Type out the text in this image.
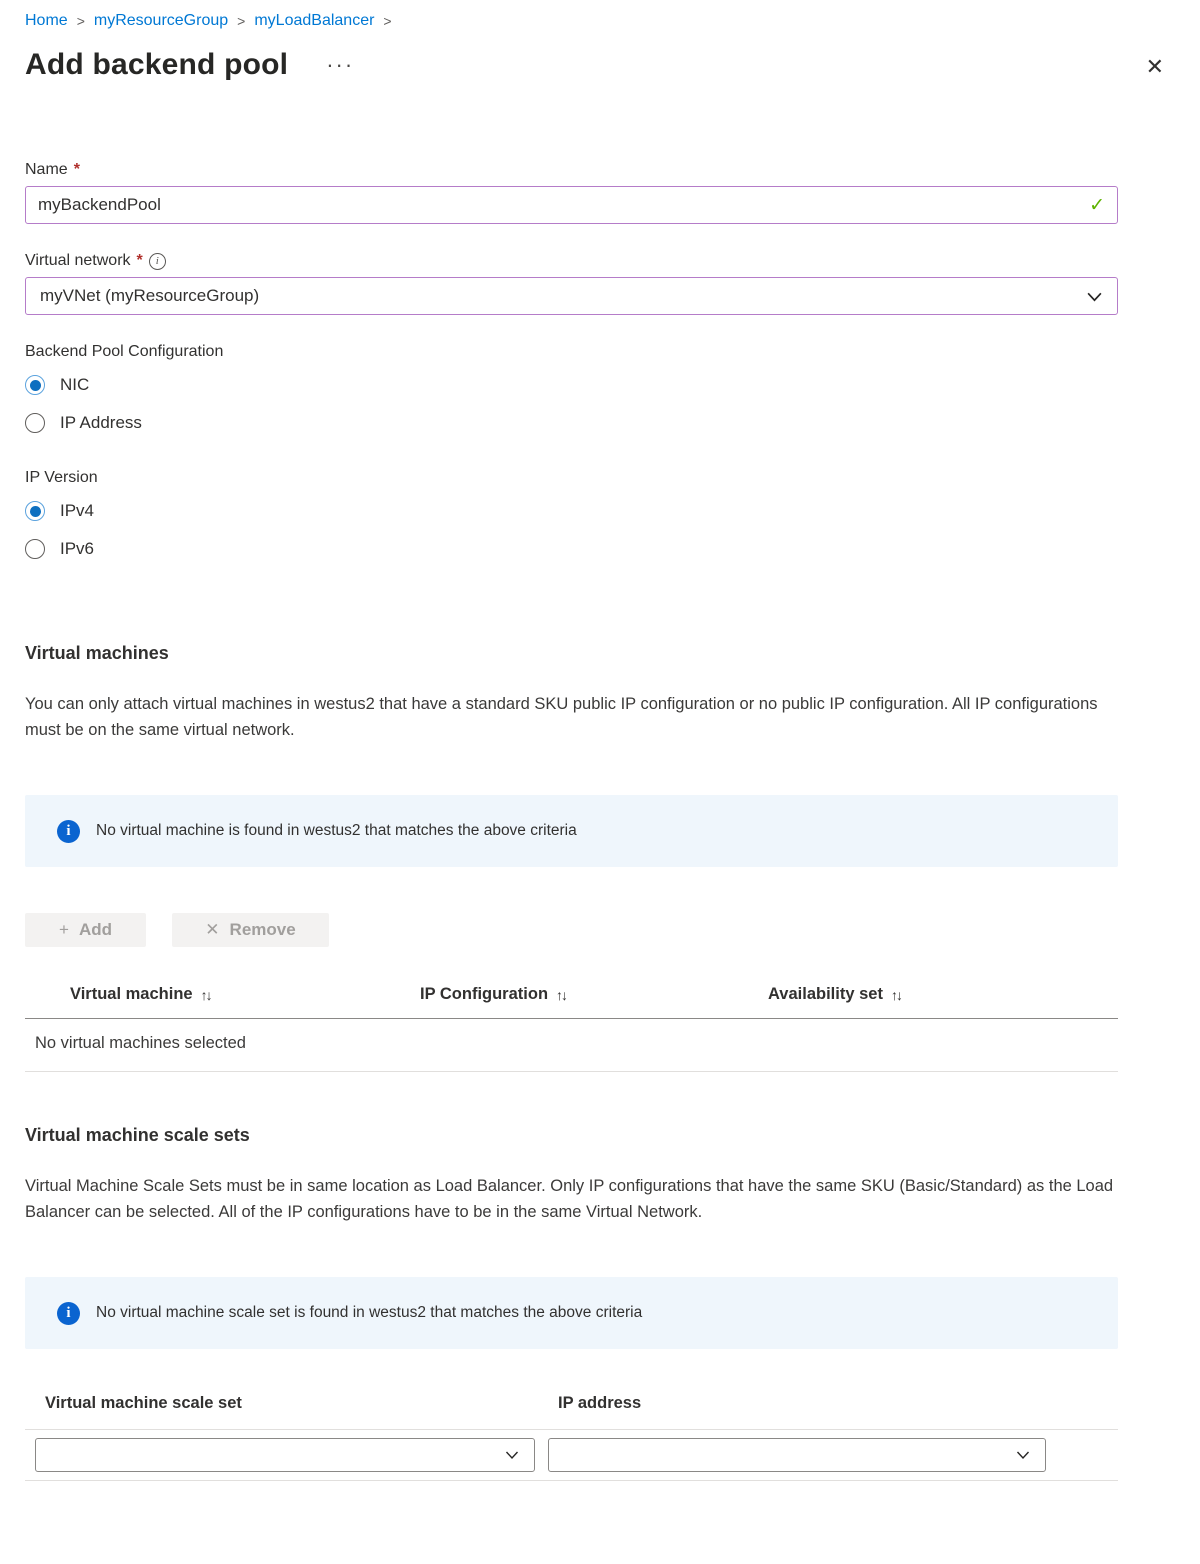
Home > myResourceGroup > myLoadBalancer >
Add backend pool ···	✕
Name *
myBackendPool
✓
Virtual network *	i
myVNet (myResourceGroup)
Backend Pool Configuration
NIC
IP Address
IP Version
IPv4
IPv6
Virtual machines

You can only attach virtual machines in westus2 that have a standard SKU public IP configuration or no public IP configuration. All IP configurations must be on the same virtual network.

i	No virtual machine is found in westus2 that matches the above criteria
+ Add	✕ Remove
Virtual machine ↑↓	IP Configuration ↑↓	Availability set ↑↓
No virtual machines selected
Virtual machine scale sets

Virtual Machine Scale Sets must be in same location as Load Balancer. Only IP configurations that have the same SKU (Basic/Standard) as the Load Balancer can be selected. All of the IP configurations have to be in the same Virtual Network.

i	No virtual machine scale set is found in westus2 that matches the above criteria
Virtual machine scale set	IP address
